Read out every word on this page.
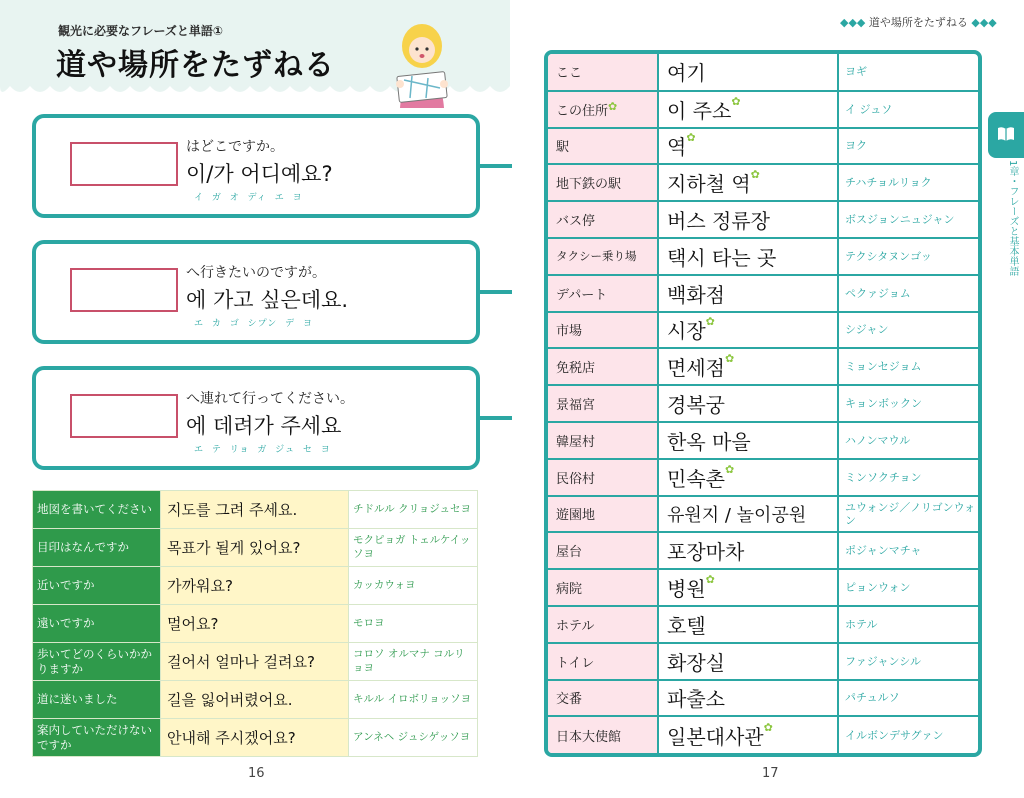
観光に必要なフレーズと単語①
道や場所をたずねる
はどこですか。
이/가 어디예요?
イ ガ オ ディ エ ヨ
へ行きたいのですが。
에 가고 싶은데요.
エ カ ゴ シプン デ ヨ
へ連れて行ってください。
에 데려가 주세요
エ テ リョ ガ ジュ セ ヨ
地図を書いてください	지도를 그려 주세요.	チドルル クリョジュセヨ
目印はなんですか	목표가 될게 있어요?	モクピョガ トェルケイッソヨ
近いですか	가까워요?	カッカウォヨ
遠いですか	멀어요?	モロヨ
歩いてどのくらいかかりますか	걸어서 얼마나 걸려요?	コロソ オルマナ コルリョヨ
道に迷いました	길을 잃어버렸어요.	キルル イロボリョッソヨ
案内していただけないですか	안내해 주시겠어요?	アンネヘ ジュシゲッソヨ
16
◆◆◆ 道や場所をたずねる ◆◆◆
ここ	여기	ヨギ
この住所✿	이 주소✿	イ ジュソ
駅	역✿	ヨク
地下鉄の駅	지하철 역✿	チハチョルリョク
バス停	버스 정류장	ボスジョンニュジャン
タクシー乗り場	택시 타는 곳	テクシタヌンゴッ
デパート	백화점	ペクァジョム
市場	시장✿	シジャン
免税店	면세점✿	ミョンセジョム
景福宮	경복궁	キョンボックン
韓屋村	한옥 마을	ハノンマウル
民俗村	민속촌✿	ミンソクチョン
遊園地	유원지 / 놀이공원	ユウォンジ／ノリゴンウォン
屋台	포장마차	ポジャンマチャ
病院	병원✿	ピョンウォン
ホテル	호텔	ホテル
トイレ	화장실	ファジャンシル
交番	파출소	パチュルソ
日本大使館	일본대사관✿	イルボンデサグァン
17
1章・フレーズと基本単語
